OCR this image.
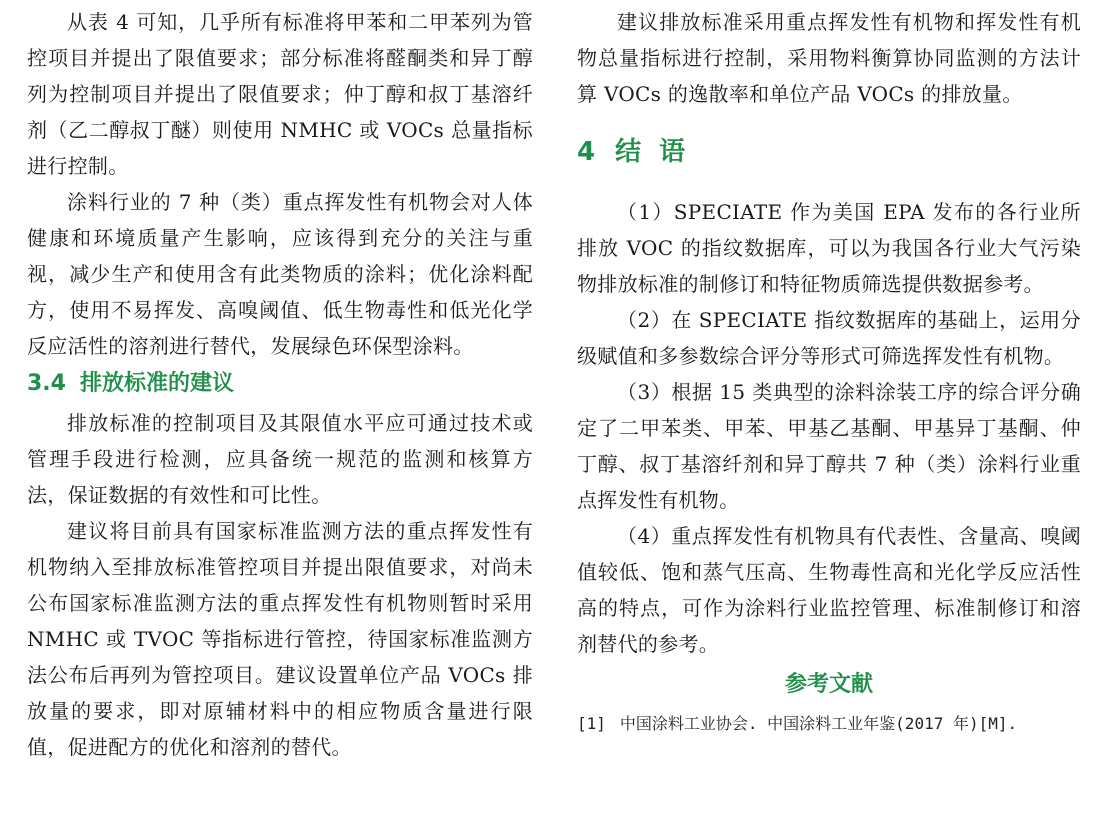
从表 4 可知，几乎所有标准将甲苯和二甲苯列为管控项目并提出了限值要求；部分标准将醛酮类和异丁醇列为控制项目并提出了限值要求；仲丁醇和叔丁基溶纤剂（乙二醇叔丁醚）则使用 NMHC 或 VOCs 总量指标进行控制。

涂料行业的 7 种（类）重点挥发性有机物会对人体健康和环境质量产生影响，应该得到充分的关注与重视，减少生产和使用含有此类物质的涂料；优化涂料配方，使用不易挥发、高嗅阈值、低生物毒性和低光化学反应活性的溶剂进行替代，发展绿色环保型涂料。

3.4 排放标准的建议

排放标准的控制项目及其限值水平应可通过技术或管理手段进行检测，应具备统一规范的监测和核算方法，保证数据的有效性和可比性。

建议将目前具有国家标准监测方法的重点挥发性有机物纳入至排放标准管控项目并提出限值要求，对尚未公布国家标准监测方法的重点挥发性有机物则暂时采用 NMHC 或 TVOC 等指标进行管控，待国家标准监测方法公布后再列为管控项目。建议设置单位产品 VOCs 排放量的要求，即对原辅材料中的相应物质含量进行限值，促进配方的优化和溶剂的替代。

建议排放标准采用重点挥发性有机物和挥发性有机物总量指标进行控制，采用物料衡算协同监测的方法计算 VOCs 的逸散率和单位产品 VOCs 的排放量。

4 结语

（1）SPECIATE 作为美国 EPA 发布的各行业所排放 VOC 的指纹数据库，可以为我国各行业大气污染物排放标准的制修订和特征物质筛选提供数据参考。

（2）在 SPECIATE 指纹数据库的基础上，运用分级赋值和多参数综合评分等形式可筛选挥发性有机物。

（3）根据 15 类典型的涂料涂装工序的综合评分确定了二甲苯类、甲苯、甲基乙基酮、甲基异丁基酮、仲丁醇、叔丁基溶纤剂和异丁醇共 7 种（类）涂料行业重点挥发性有机物。

（4）重点挥发性有机物具有代表性、含量高、嗅阈值较低、饱和蒸气压高、生物毒性高和光化学反应活性高的特点，可作为涂料行业监控管理、标准制修订和溶剂替代的参考。

参考文献

[1] 中国涂料工业协会. 中国涂料工业年鉴(2017 年)[M].
